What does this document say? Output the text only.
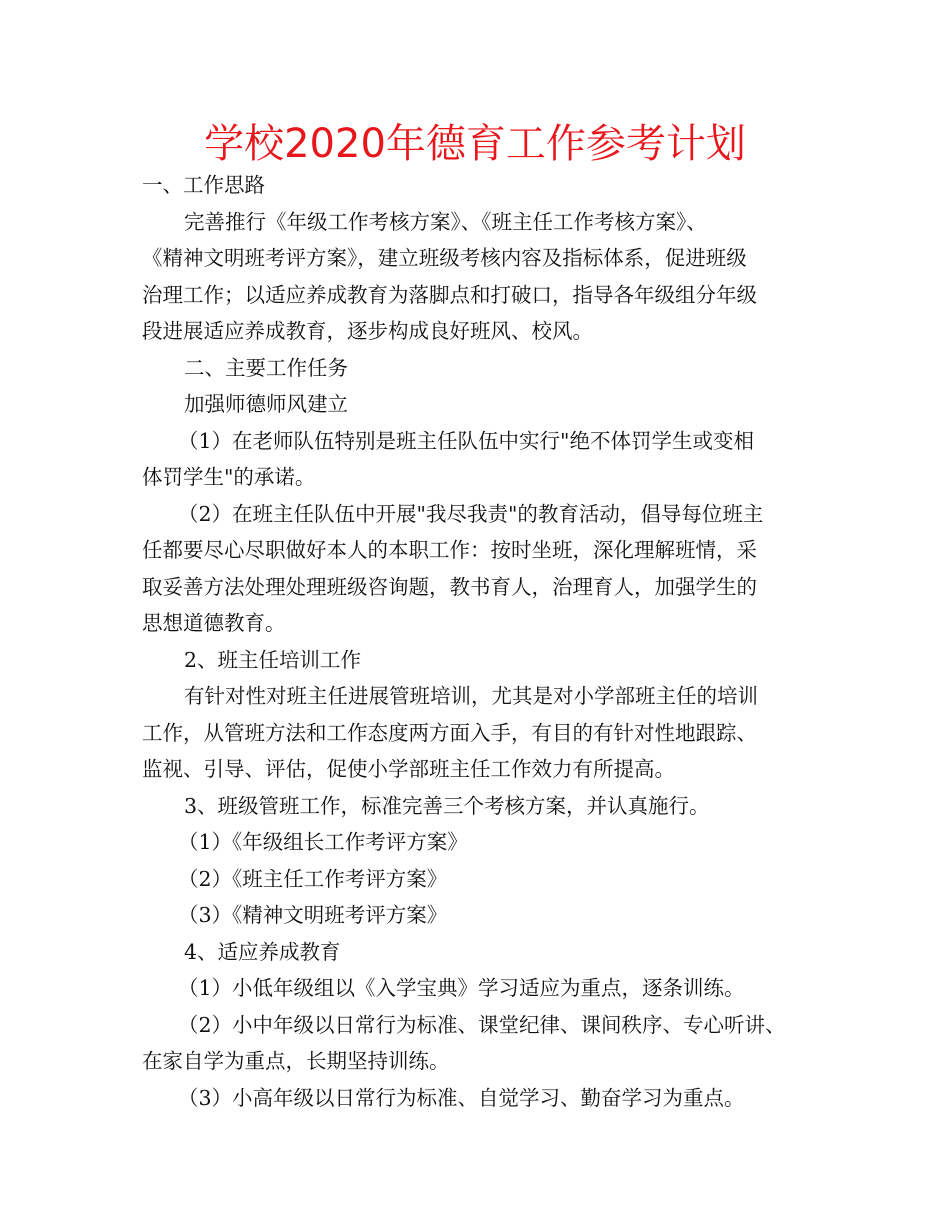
学校2020年德育工作参考计划
一、工作思路
完善推行《年级工作考核方案》、《班主任工作考核方案》、
《精神文明班考评方案》，建立班级考核内容及指标体系，促进班级
治理工作；以适应养成教育为落脚点和打破口，指导各年级组分年级
段进展适应养成教育，逐步构成良好班风、校风。
二、主要工作任务
加强师德师风建立
（1）在老师队伍特别是班主任队伍中实行"绝不体罚学生或变相
体罚学生"的承诺。
（2）在班主任队伍中开展"我尽我责"的教育活动，倡导每位班主
任都要尽心尽职做好本人的本职工作：按时坐班，深化理解班情，采
取妥善方法处理处理班级咨询题，教书育人，治理育人，加强学生的
思想道德教育。
2、班主任培训工作
有针对性对班主任进展管班培训，尤其是对小学部班主任的培训
工作，从管班方法和工作态度两方面入手，有目的有针对性地跟踪、
监视、引导、评估，促使小学部班主任工作效力有所提高。
3、班级管班工作，标准完善三个考核方案，并认真施行。
（1）《年级组长工作考评方案》
（2）《班主任工作考评方案》
（3）《精神文明班考评方案》
4、适应养成教育
（1）小低年级组以《入学宝典》学习适应为重点，逐条训练。
（2）小中年级以日常行为标准、课堂纪律、课间秩序、专心听讲、
在家自学为重点，长期坚持训练。
（3）小高年级以日常行为标准、自觉学习、勤奋学习为重点。
